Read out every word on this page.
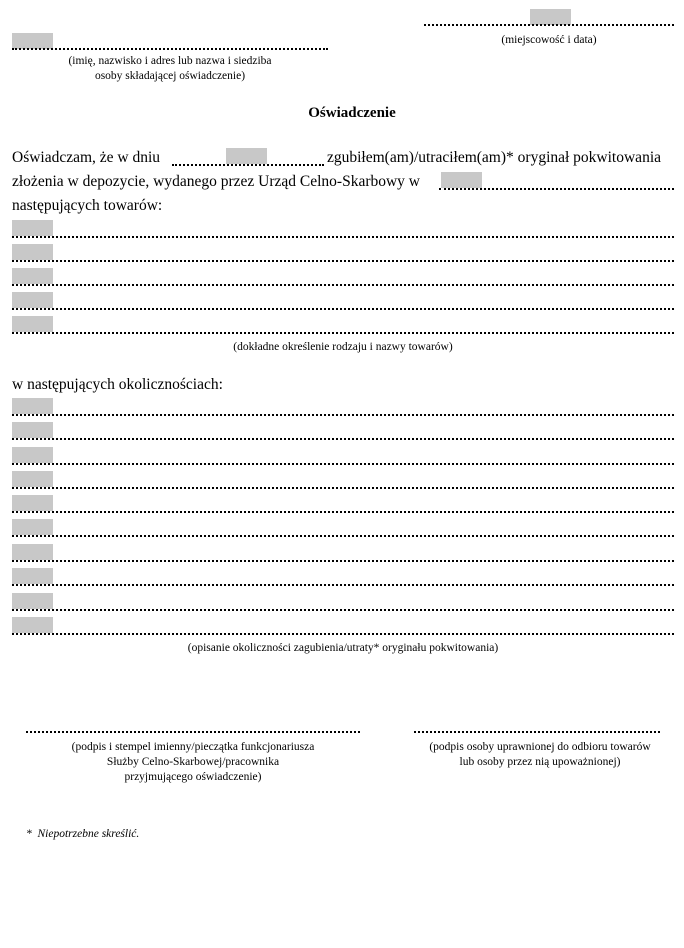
(imię, nazwisko i adres lub nazwa i siedziba
osoby składającej oświadczenie)
(miejscowość i data)
Oświadczenie
Oświadczam, że w dniu	zgubiłem(am)/utraciłem(am)* oryginał pokwitowania
złożenia w depozycie, wydanego przez Urząd Celno-Skarbowy w
następujących towarów:
(dokładne określenie rodzaju i nazwy towarów)
w następujących okolicznościach:
(opisanie okoliczności zagubienia/utraty* oryginału pokwitowania)
(podpis i stempel imienny/pieczątka funkcjonariusza
Służby Celno-Skarbowej/pracownika
przyjmującego oświadczenie)
(podpis osoby uprawnionej do odbioru towarów
lub osoby przez nią upoważnionej)
*  Niepotrzebne skreślić.
